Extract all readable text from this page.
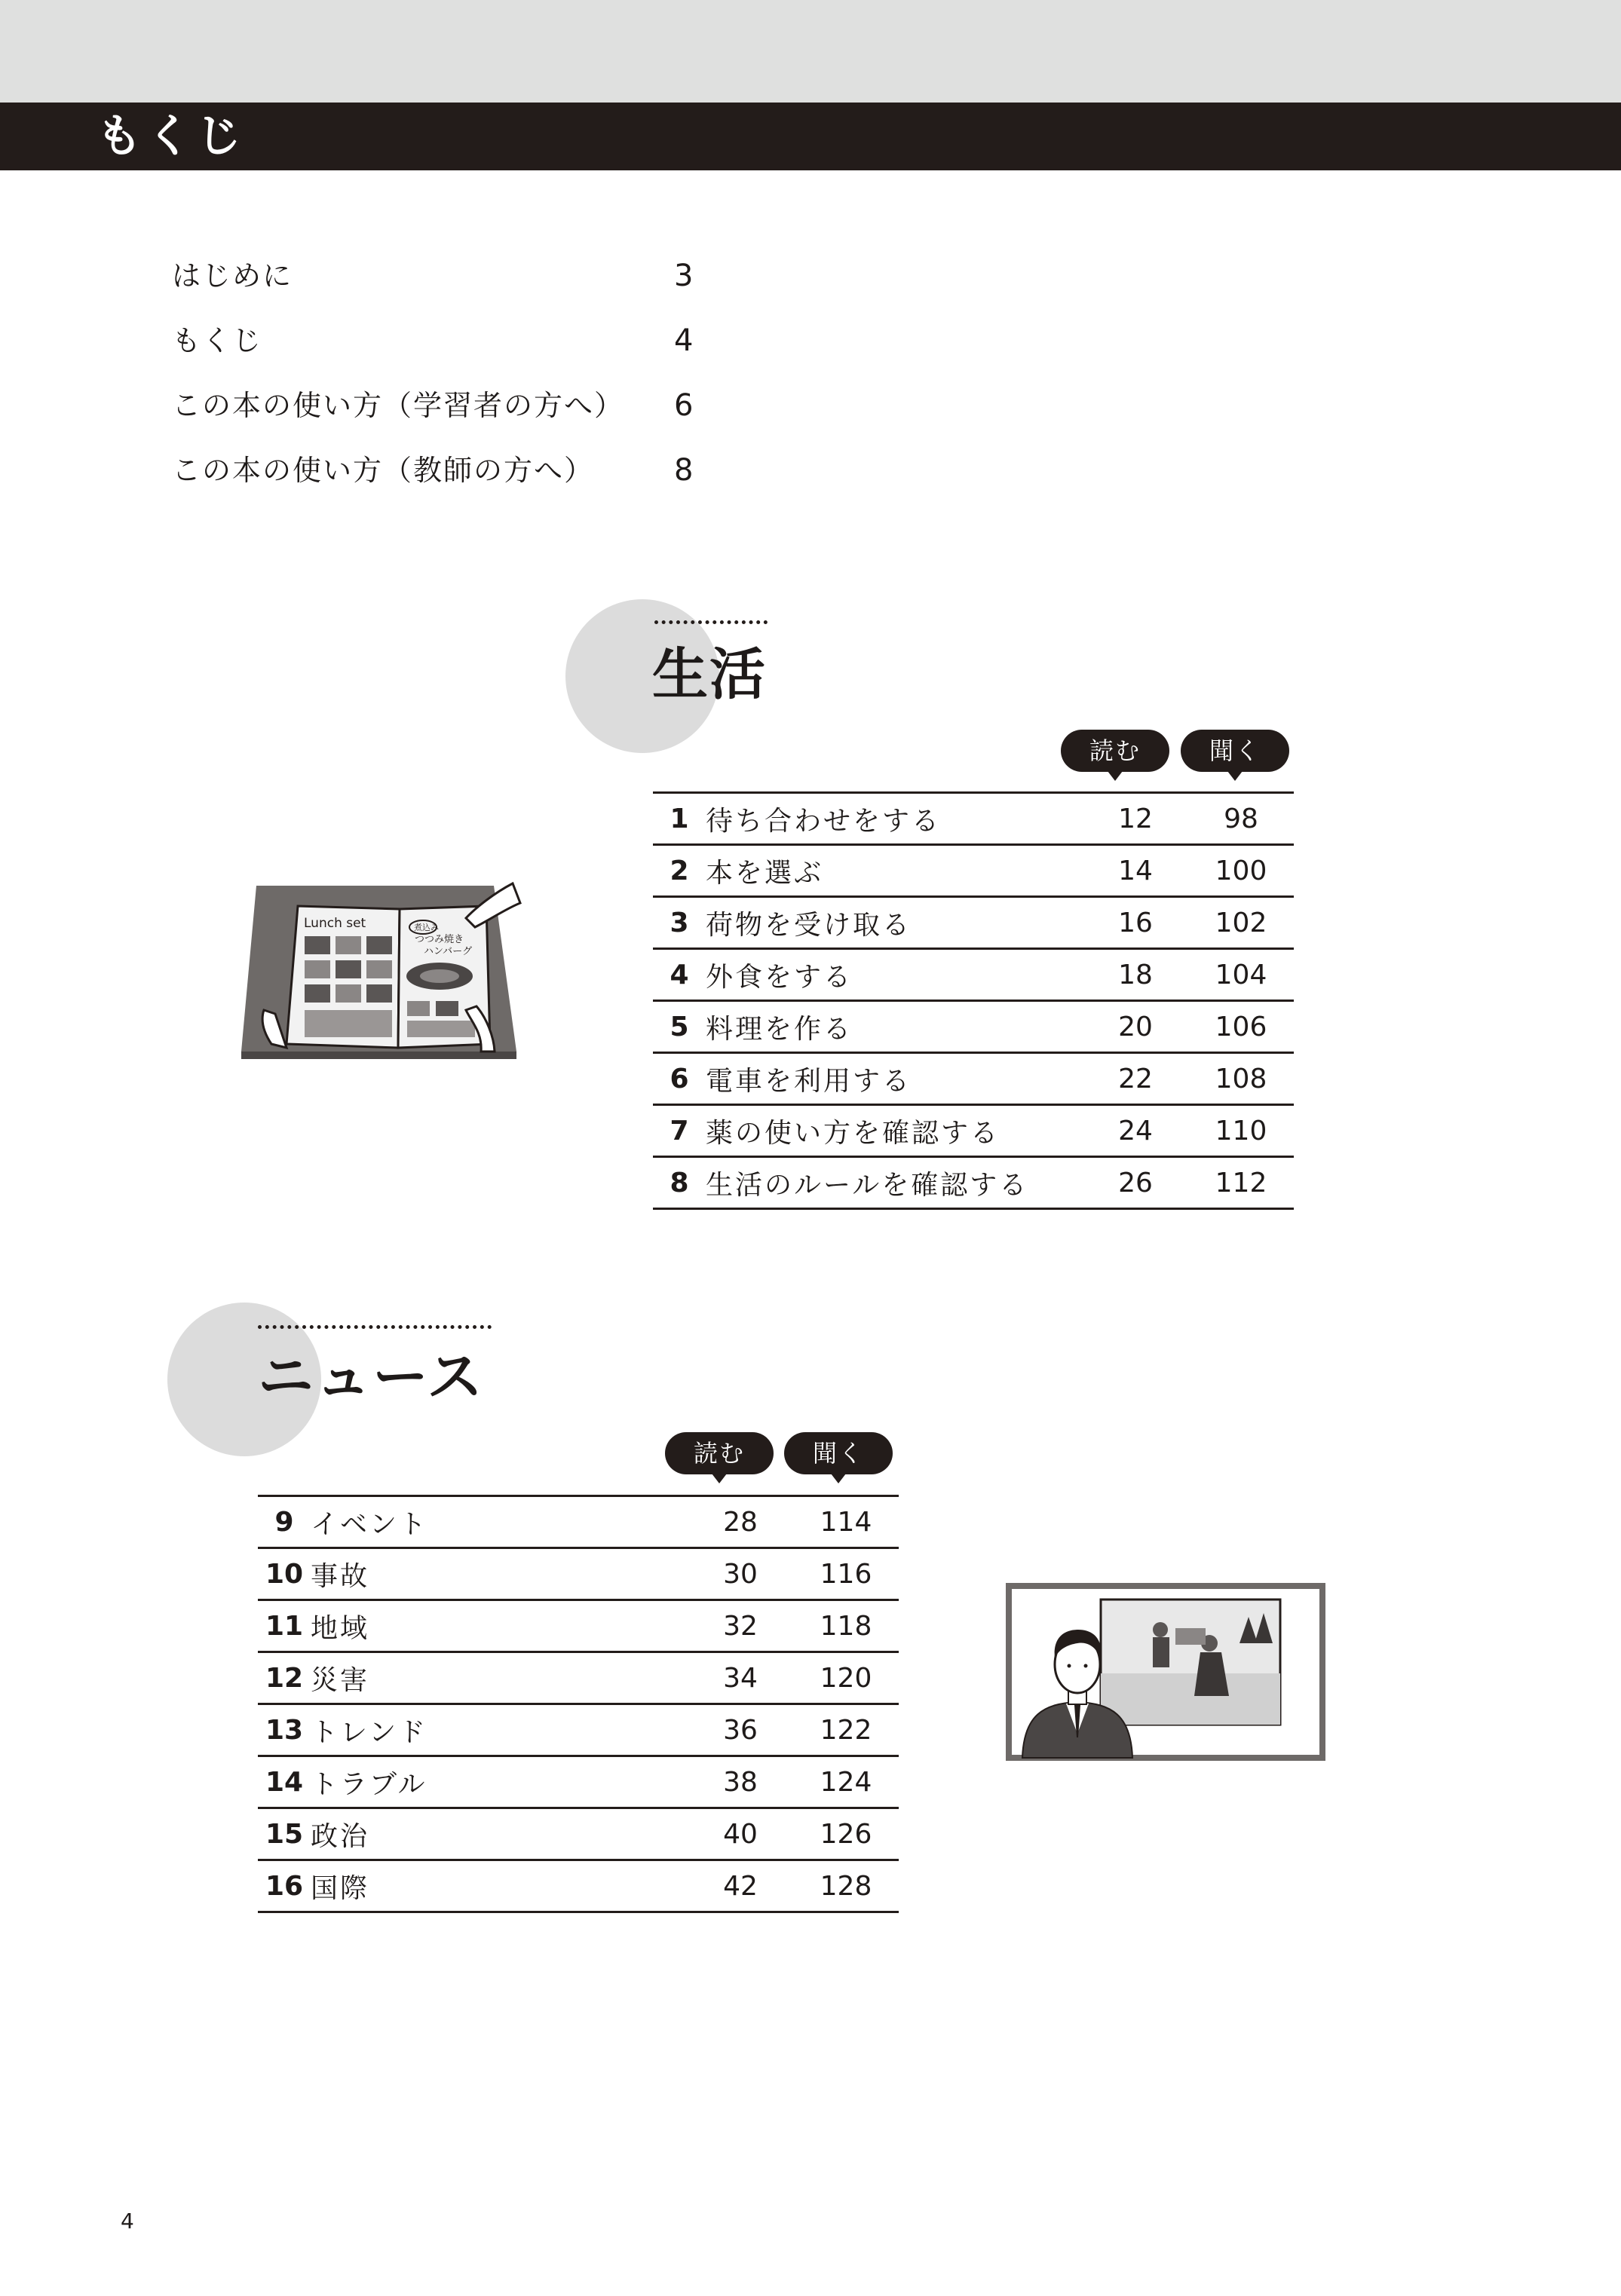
もくじ
はじめに	3
もくじ	4
この本の使い方（学習者の方へ） 6
この本の使い方（教師の方へ）	8
生活
読む	聞く
1	待ち合わせをする	12	98
2	本を選ぶ	14	100
3	荷物を受け取る	16	102
4	外食をする	18	104
5	料理を作る	20	106
6	電車を利用する	22	108
7	薬の使い方を確認する	24	110
8	生活のルールを確認する	26	112
Lunch set	煮込み
つつみ焼き
ハンバーグ
ニュース
読む	聞く
9	イベント	28	114
10	事故	30	116
11	地域	32	118
12	災害	34	120
13	トレンド	36	122
14	トラブル	38	124
15	政治	40	126
16	国際	42	128
4
